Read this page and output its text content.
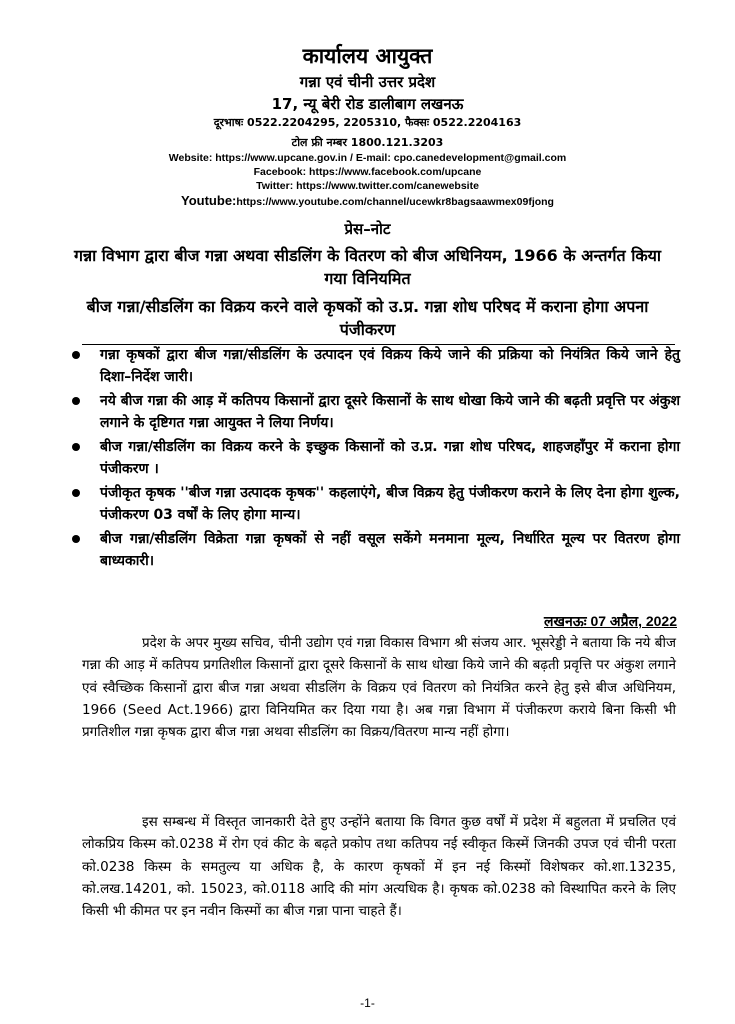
कार्यालय आयुक्त
गन्ना एवं चीनी उत्तर प्रदेश
17, न्यू बेरी रोड डालीबाग लखनऊ
दूरभाषः 0522.2204295, 2205310, फैक्सः 0522.2204163
टोल फ्री नम्बर 1800.121.3203
Website: https://www.upcane.gov.in / E-mail: cpo.canedevelopment@gmail.com
Facebook: https://www.facebook.com/upcane
Twitter: https://www.twitter.com/canewebsite
Youtube:https://www.youtube.com/channel/ucewkr8bagsaawmex09fjong
प्रेस–नोट
गन्ना विभाग द्वारा बीज गन्ना अथवा सीडलिंग के वितरण को बीज अधिनियम, 1966 के अन्तर्गत किया गया विनियमित
बीज गन्ना/सीडलिंग का विक्रय करने वाले कृषकों को उ.प्र. गन्ना शोध परिषद में कराना होगा अपना पंजीकरण
गन्ना कृषकों द्वारा बीज गन्ना/सीडलिंग के उत्पादन एवं विक्रय किये जाने की प्रक्रिया को नियंत्रित किये जाने हेतु दिशा–निर्देश जारी।
नये बीज गन्ना की आड़ में कतिपय किसानों द्वारा दूसरे किसानों के साथ धोखा किये जाने की बढ़ती प्रवृत्ति पर अंकुश लगाने के दृष्टिगत गन्ना आयुक्त ने लिया निर्णय।
बीज गन्ना/सीडलिंग का विक्रय करने के इच्छुक किसानों को उ.प्र. गन्ना शोध परिषद, शाहजहाँपुर में कराना होगा पंजीकरण ।
पंजीकृत कृषक ''बीज गन्ना उत्पादक कृषक'' कहलाएंगे, बीज विक्रय हेतु पंजीकरण कराने के लिए देना होगा शुल्क, पंजीकरण 03 वर्षों के लिए होगा मान्य।
बीज गन्ना/सीडलिंग विक्रेता गन्ना कृषकों से नहीं वसूल सकेंगे मनमाना मूल्य, निर्धारित मूल्य पर वितरण होगा बाध्यकारी।
लखनऊः 07 अप्रैल, 2022

प्रदेश के अपर मुख्य सचिव, चीनी उद्योग एवं गन्ना विकास विभाग श्री संजय आर. भूसरेड्डी ने बताया कि नये बीज गन्ना की आड़ में कतिपय प्रगतिशील किसानों द्वारा दूसरे किसानों के साथ धोखा किये जाने की बढ़ती प्रवृत्ति पर अंकुश लगाने एवं स्वैच्छिक किसानों द्वारा बीज गन्ना अथवा सीडलिंग के विक्रय एवं वितरण को नियंत्रित करने हेतु इसे बीज अधिनियम, 1966 (Seed Act.1966) द्वारा विनियमित कर दिया गया है। अब गन्ना विभाग में पंजीकरण कराये बिना किसी भी प्रगतिशील गन्ना कृषक द्वारा बीज गन्ना अथवा सीडलिंग का विक्रय/वितरण मान्य नहीं होगा।

इस सम्बन्ध में विस्तृत जानकारी देते हुए उन्होंने बताया कि विगत कुछ वर्षों में प्रदेश में बहुलता में प्रचलित एवं लोकप्रिय किस्म को.0238 में रोग एवं कीट के बढ़ते प्रकोप तथा कतिपय नई स्वीकृत किस्में जिनकी उपज एवं चीनी परता को.0238 किस्म के समतुल्य या अधिक है, के कारण कृषकों में इन नई किस्मों विशेषकर को.शा.13235, को.लख.14201, को. 15023, को.0118 आदि की मांग अत्यधिक है। कृषक को.0238 को विस्थापित करने के लिए किसी भी कीमत पर इन नवीन किस्मों का बीज गन्ना पाना चाहते हैं।

-1-
